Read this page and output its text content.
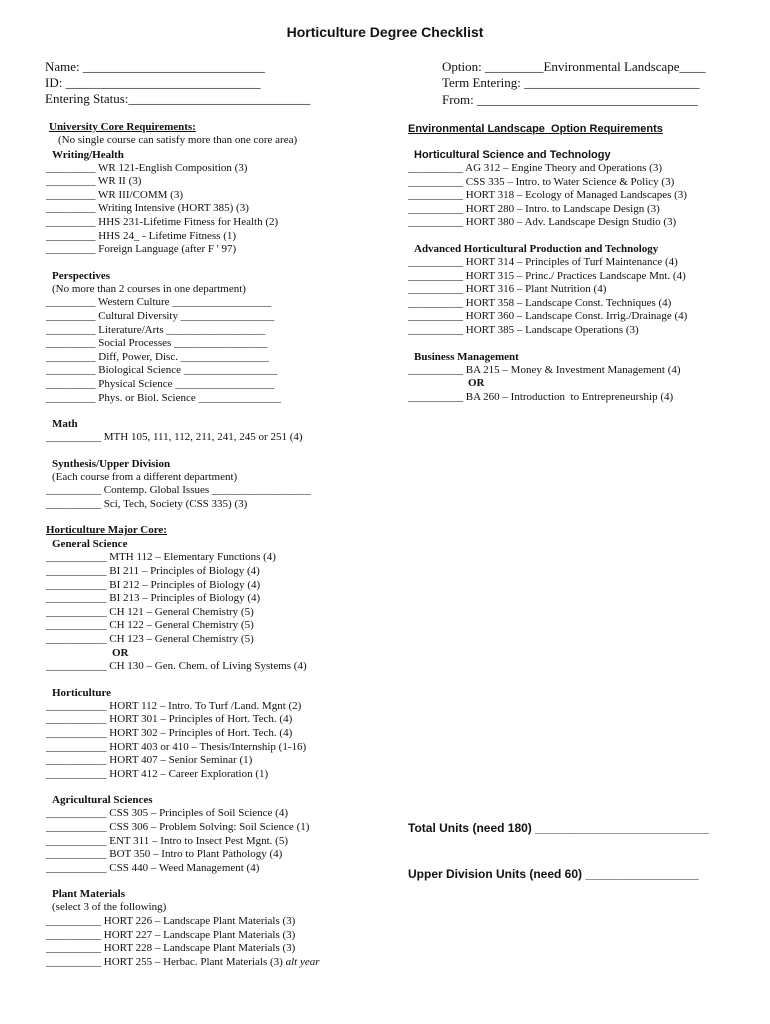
Horticulture Degree Checklist
Name: ____________________________
ID: ______________________________
Entering Status:____________________________
Option: _________Environmental Landscape____
Term Entering: ___________________________
From: __________________________________
University Core Requirements:
(No single course can satisfy more than one core area)
Writing/Health
_________ WR 121-English Composition (3)
_________ WR II (3)
_________ WR III/COMM (3)
_________ Writing Intensive (HORT 385) (3)
_________ HHS 231-Lifetime Fitness for Health (2)
_________ HHS 24_ - Lifetime Fitness (1)
_________ Foreign Language (after F ' 97)
Perspectives
(No more than 2 courses in one department)
_________ Western Culture __________________
_________ Cultural Diversity _________________
_________ Literature/Arts __________________
_________ Social Processes _________________
_________ Diff, Power, Disc. ________________
_________ Biological Science _________________
_________ Physical Science __________________
_________ Phys. or Biol. Science _______________
Math
__________ MTH 105, 111, 112, 211, 241, 245 or 251 (4)
Synthesis/Upper Division
(Each course from a different department)
__________ Contemp. Global Issues __________________
__________ Sci, Tech, Society (CSS 335) (3)
Horticulture Major Core:
General Science
___________ MTH 112 – Elementary Functions (4)
___________ BI 211 – Principles of Biology (4)
___________ BI 212 – Principles of Biology (4)
___________ BI 213 – Principles of Biology (4)
___________ CH 121 – General Chemistry (5)
___________ CH 122 – General Chemistry (5)
___________ CH 123 – General Chemistry (5)
OR
___________ CH 130 – Gen. Chem. of Living Systems (4)
Horticulture
___________ HORT 112 – Intro. To Turf /Land. Mgnt (2)
___________ HORT 301 – Principles of Hort. Tech. (4)
___________ HORT 302 – Principles of Hort. Tech. (4)
___________ HORT 403 or 410 – Thesis/Internship (1-16)
___________ HORT 407 – Senior Seminar (1)
___________ HORT 412 – Career Exploration (1)
Agricultural Sciences
___________ CSS 305 – Principles of Soil Science (4)
___________ CSS 306 – Problem Solving: Soil Science (1)
___________ ENT 311 – Intro to Insect Pest Mgnt. (5)
___________ BOT 350 – Intro to Plant Pathology (4)
___________ CSS 440 – Weed Management (4)
Plant Materials
(select 3 of the following)
__________ HORT 226 – Landscape Plant Materials (3)
__________ HORT 227 – Landscape Plant Materials (3)
__________ HORT 228 – Landscape Plant Materials (3)
__________ HORT 255 – Herbac. Plant Materials (3) alt year
Environmental Landscape  Option Requirements
Horticultural Science and Technology
__________ AG 312 – Engine Theory and Operations (3)
__________ CSS 335 – Intro. to Water Science & Policy (3)
__________ HORT 318 – Ecology of Managed Landscapes (3)
__________ HORT 280 – Intro. to Landscape Design (3)
__________ HORT 380 – Adv. Landscape Design Studio (3)
Advanced Horticultural Production and Technology
__________ HORT 314 – Principles of Turf Maintenance (4)
__________ HORT 315 – Princ./ Practices Landscape Mnt. (4)
__________ HORT 316 – Plant Nutrition (4)
__________ HORT 358 – Landscape Const. Techniques (4)
__________ HORT 360 – Landscape Const. Irrig./Drainage (4)
__________ HORT 385 – Landscape Operations (3)
Business Management
__________ BA 215 – Money & Investment Management (4)
OR
__________ BA 260 – Introduction  to Entrepreneurship (4)
Total Units (need 180) __________________________
Upper Division Units (need 60) _________________
